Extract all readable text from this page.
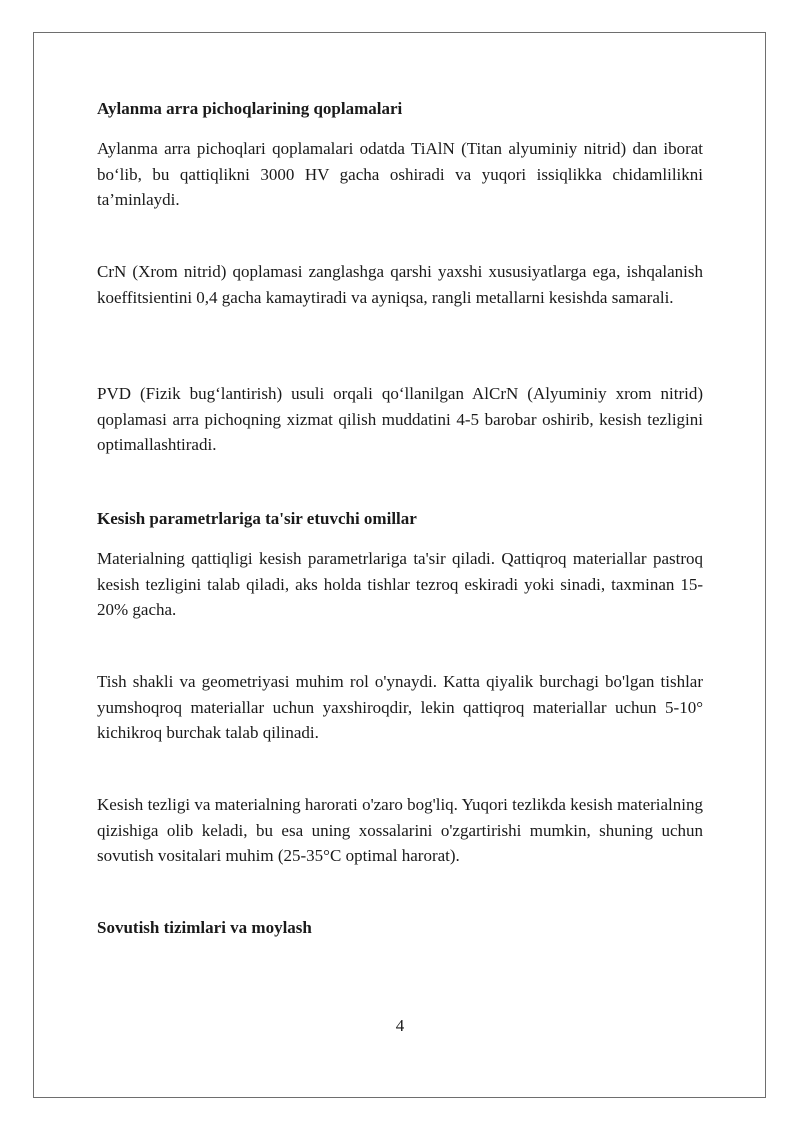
Aylanma arra pichoqlarining qoplamalari
Aylanma arra pichoqlari qoplamalari odatda TiAlN (Titan alyuminiy nitrid) dan iborat bo‘lib, bu qattiqlikni 3000 HV gacha oshiradi va yuqori issiqlikka chidamlilikni ta’minlaydi.
CrN (Xrom nitrid) qoplamasi zanglashga qarshi yaxshi xususiyatlarga ega, ishqalanish koeffitsientini 0,4 gacha kamaytiradi va ayniqsa, rangli metallarni kesishda samarali.
PVD (Fizik bug‘lantirish) usuli orqali qo‘llanilgan AlCrN (Alyuminiy xrom nitrid) qoplamasi arra pichoqning xizmat qilish muddatini 4-5 barobar oshirib, kesish tezligini optimallashtiradi.
Kesish parametrlariga ta'sir etuvchi omillar
Materialning qattiqligi kesish parametrlariga ta'sir qiladi. Qattiqroq materiallar pastroq kesish tezligini talab qiladi, aks holda tishlar tezroq eskiradi yoki sinadi, taxminan 15-20% gacha.
Tish shakli va geometriyasi muhim rol o'ynaydi. Katta qiyalik burchagi bo'lgan tishlar yumshoqroq materiallar uchun yaxshiroqdir, lekin qattiqroq materiallar uchun 5-10° kichikroq burchak talab qilinadi.
Kesish tezligi va materialning harorati o'zaro bog'liq. Yuqori tezlikda kesish materialning qizishiga olib keladi, bu esa uning xossalarini o'zgartirishi mumkin, shuning uchun sovutish vositalari muhim (25-35°C optimal harorat).
Sovutish tizimlari va moylash
4
